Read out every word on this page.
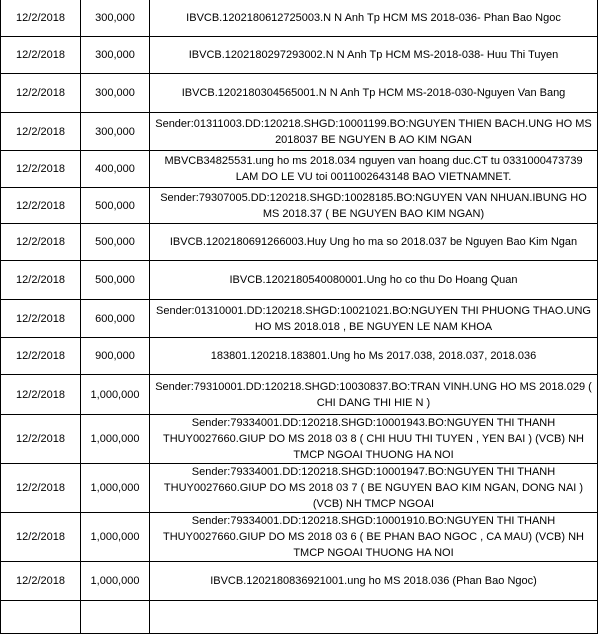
12/2/2018	300,000	IBVCB.1202180612725003.N N Anh Tp HCM MS 2018-036- Phan Bao Ngoc
12/2/2018	300,000	IBVCB.1202180297293002.N N Anh Tp HCM MS-2018-038- Huu Thi Tuyen
12/2/2018	300,000	IBVCB.1202180304565001.N N Anh Tp HCM MS-2018-030-Nguyen Van Bang
12/2/2018	300,000	Sender:01311003.DD:120218.SHGD:10001199.BO:NGUYEN THIEN BACH.UNG HO MS 2018037 BE NGUYEN B AO KIM NGAN
12/2/2018	400,000	MBVCB34825531.ung ho ms 2018.034 nguyen van hoang duc.CT tu 0331000473739 LAM DO LE VU toi 0011002643148 BAO VIETNAMNET.
12/2/2018	500,000	Sender:79307005.DD:120218.SHGD:10028185.BO:NGUYEN VAN NHUAN.IBUNG HO MS 2018.37 ( BE NGUYEN BAO KIM NGAN)
12/2/2018	500,000	IBVCB.1202180691266003.Huy Ung ho ma so 2018.037 be Nguyen Bao Kim Ngan
12/2/2018	500,000	IBVCB.1202180540080001.Ung ho co thu Do Hoang Quan
12/2/2018	600,000	Sender:01310001.DD:120218.SHGD:10021021.BO:NGUYEN THI PHUONG THAO.UNG HO MS 2018.018 , BE NGUYEN LE NAM KHOA
12/2/2018	900,000	183801.120218.183801.Ung ho Ms 2017.038, 2018.037, 2018.036
12/2/2018	1,000,000	Sender:79310001.DD:120218.SHGD:10030837.BO:TRAN VINH.UNG HO MS 2018.029 ( CHI DANG THI HIE N )
12/2/2018	1,000,000	Sender:79334001.DD:120218.SHGD:10001943.BO:NGUYEN THI THANH THUY0027660.GIUP DO MS 2018 03 8 ( CHI HUU THI TUYEN , YEN BAI ) (VCB) NH TMCP NGOAI THUONG HA NOI
12/2/2018	1,000,000	Sender:79334001.DD:120218.SHGD:10001947.BO:NGUYEN THI THANH THUY0027660.GIUP DO MS 2018 03 7 ( BE NGUYEN BAO KIM NGAN, DONG NAI ) (VCB) NH TMCP NGOAI
12/2/2018	1,000,000	Sender:79334001.DD:120218.SHGD:10001910.BO:NGUYEN THI THANH THUY0027660.GIUP DO MS 2018 03 6 ( BE PHAN BAO NGOC , CA MAU) (VCB) NH TMCP NGOAI THUONG HA NOI
12/2/2018	1,000,000	IBVCB.1202180836921001.ung ho MS 2018.036 (Phan Bao Ngoc)
